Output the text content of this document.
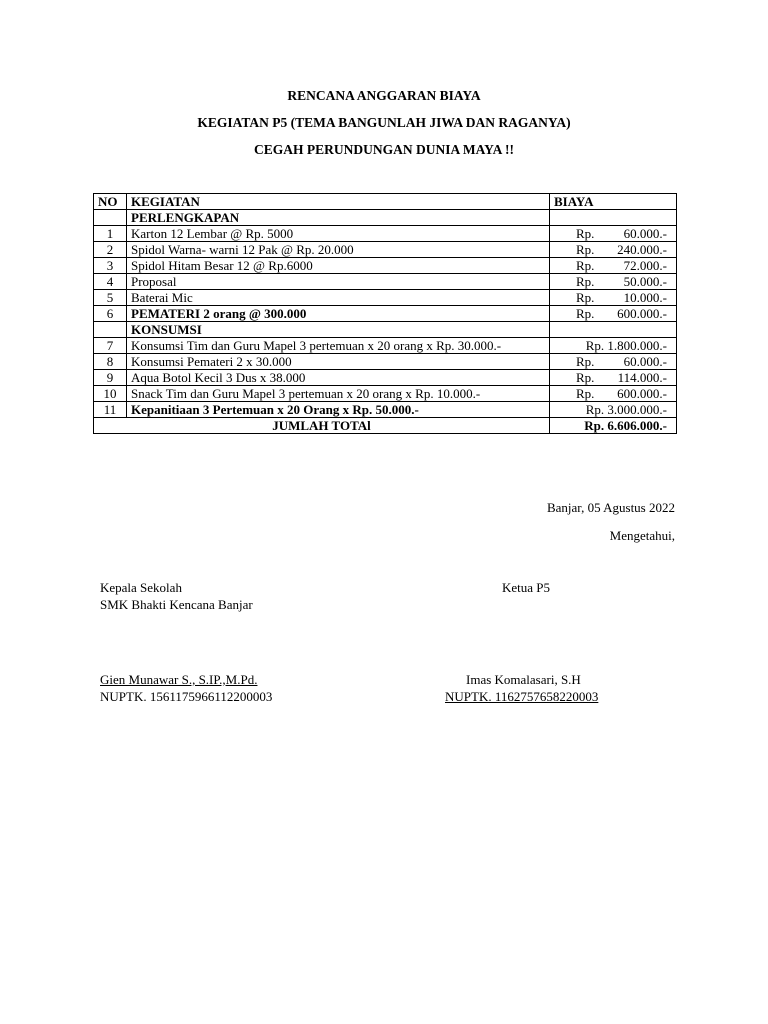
RENCANA ANGGARAN BIAYA
KEGIATAN P5 (TEMA BANGUNLAH JIWA DAN RAGANYA)
CEGAH PERUNDUNGAN DUNIA MAYA !!
NO	KEGIATAN	BIAYA
	PERLENGKAPAN	
1	Karton 12 Lembar @ Rp. 5000	Rp. 60.000.-

2	Spidol Warna- warni 12 Pak @ Rp. 20.000	Rp. 240.000.-

3	Spidol Hitam Besar 12 @ Rp.6000	Rp. 72.000.-

4	Proposal	Rp. 50.000.-

5	Baterai Mic	Rp. 10.000.-

6	PEMATERI 2 orang @ 300.000	Rp. 600.000.-

	KONSUMSI	
7	Konsumsi Tim dan Guru Mapel 3 pertemuan x 20 orang x Rp. 30.000.-	Rp. 1.800.000.-

8	Konsumsi Pemateri 2 x 30.000	Rp. 60.000.-

9	Aqua Botol Kecil 3 Dus x 38.000	Rp. 114.000.-

10	Snack Tim dan Guru Mapel 3 pertemuan x 20 orang x Rp. 10.000.-	Rp. 600.000.-

11	Kepanitiaan 3 Pertemuan x 20 Orang x Rp. 50.000.-	Rp. 3.000.000.-

JUMLAH TOTAl		Rp. 6.606.000.-
Banjar, 05 Agustus 2022
Mengetahui,
Kepala Sekolah
SMK Bhakti Kencana Banjar
Ketua P5
Gien Munawar S., S.IP.,M.Pd.
NUPTK. 1561175966112200003
Imas Komalasari, S.H
NUPTK. 1162757658220003
